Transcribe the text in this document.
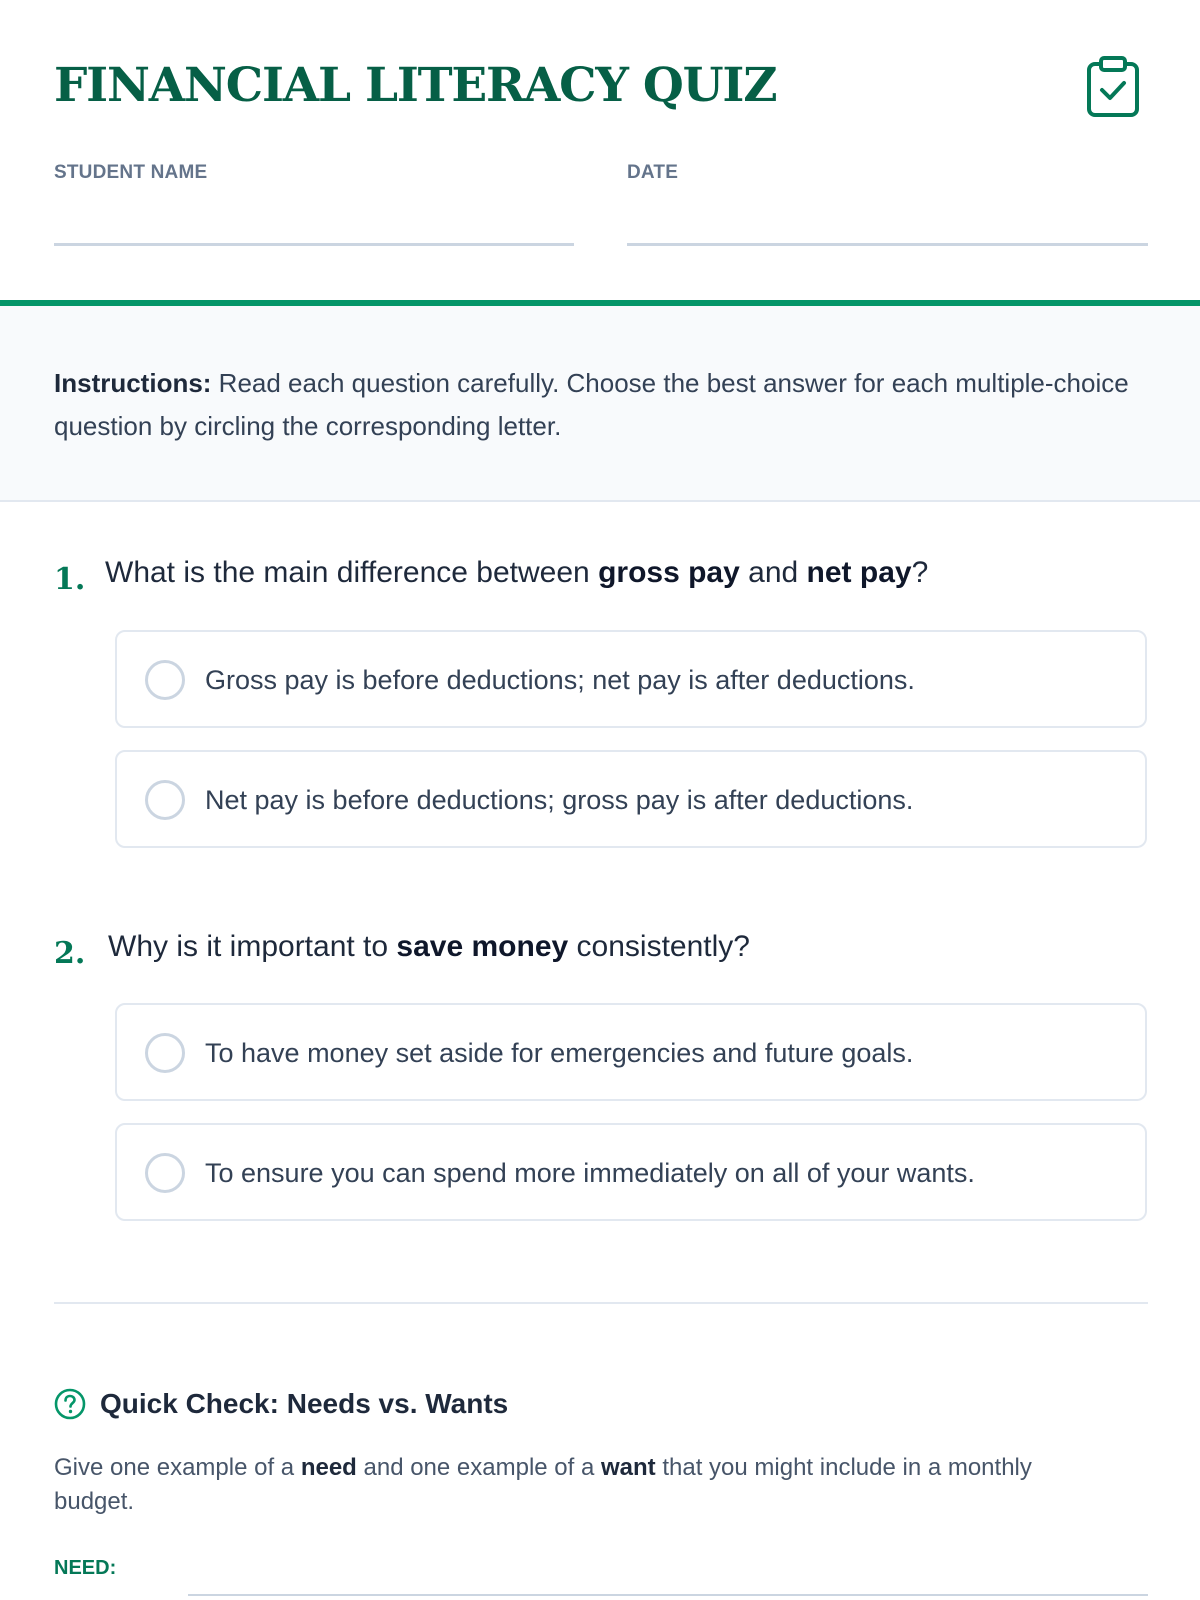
FINANCIAL LITERACY QUIZ
STUDENT NAME	DATE

Instructions: Read each question carefully. Choose the best answer for each multiple-choice question by circling the corresponding letter.

1. What is the main difference between gross pay and net pay?
Gross pay is before deductions; net pay is after deductions.
Net pay is before deductions; gross pay is after deductions.
2. Why is it important to save money consistently?
To have money set aside for emergencies and future goals.
To ensure you can spend more immediately on all of your wants.
Quick Check: Needs vs. Wants

Give one example of a need and one example of a want that you might include in a monthly budget.

NEED:
